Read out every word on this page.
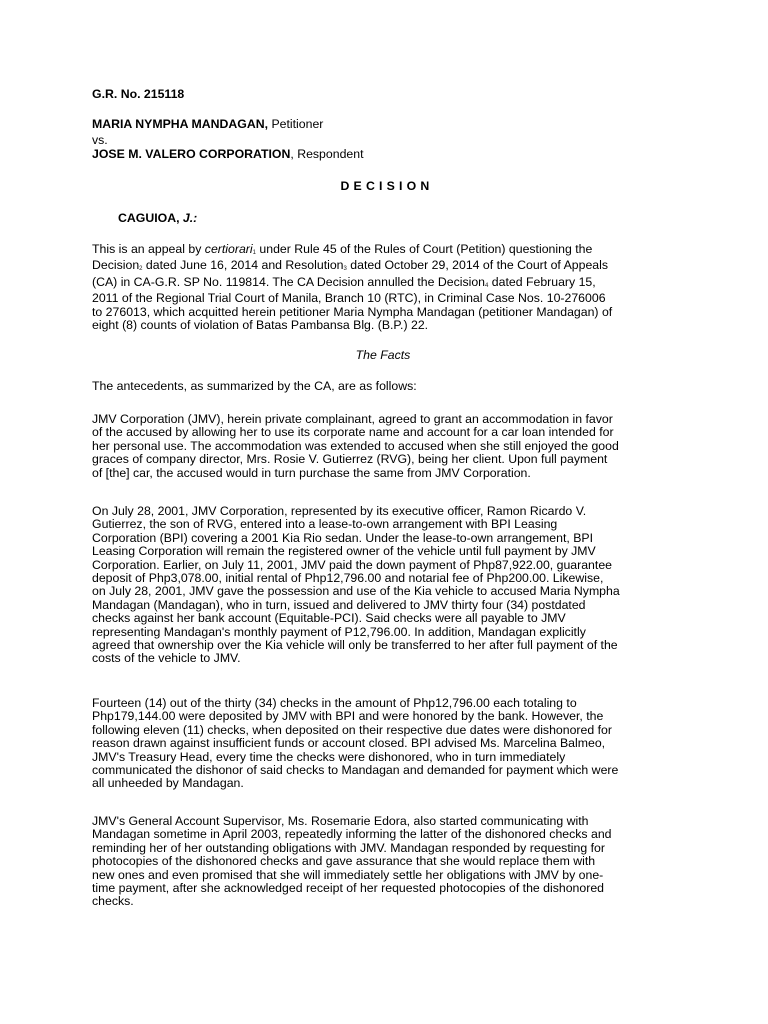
G.R. No. 215118
MARIA NYMPHA MANDAGAN, Petitioner
vs.
JOSE M. VALERO CORPORATION, Respondent
DECISION
CAGUIOA, J.:
This is an appeal by certiorari1 under Rule 45 of the Rules of Court (Petition) questioning the
Decision2 dated June 16, 2014 and Resolution3 dated October 29, 2014 of the Court of Appeals
(CA) in CA-G.R. SP No. 119814. The CA Decision annulled the Decision4 dated February 15,
2011 of the Regional Trial Court of Manila, Branch 10 (RTC), in Criminal Case Nos. 10-276006
to 276013, which acquitted herein petitioner Maria Nympha Mandagan (petitioner Mandagan) of
eight (8) counts of violation of Batas Pambansa Blg. (B.P.) 22.
The Facts
The antecedents, as summarized by the CA, are as follows:
JMV Corporation (JMV), herein private complainant, agreed to grant an accommodation in favor
of the accused by allowing her to use its corporate name and account for a car loan intended for
her personal use. The accommodation was extended to accused when she still enjoyed the good
graces of company director, Mrs. Rosie V. Gutierrez (RVG), being her client. Upon full payment
of [the] car, the accused would in turn purchase the same from JMV Corporation.
On July 28, 2001, JMV Corporation, represented by its executive officer, Ramon Ricardo V.
Gutierrez, the son of RVG, entered into a lease-to-own arrangement with BPI Leasing
Corporation (BPI) covering a 2001 Kia Rio sedan. Under the lease-to-own arrangement, BPI
Leasing Corporation will remain the registered owner of the vehicle until full payment by JMV
Corporation. Earlier, on July 11, 2001, JMV paid the down payment of Php87,922.00, guarantee
deposit of Php3,078.00, initial rental of Php12,796.00 and notarial fee of Php200.00. Likewise,
on July 28, 2001, JMV gave the possession and use of the Kia vehicle to accused Maria Nympha
Mandagan (Mandagan), who in turn, issued and delivered to JMV thirty four (34) postdated
checks against her bank account (Equitable-PCI). Said checks were all payable to JMV
representing Mandagan's monthly payment of P12,796.00. In addition, Mandagan explicitly
agreed that ownership over the Kia vehicle will only be transferred to her after full payment of the
costs of the vehicle to JMV.
Fourteen (14) out of the thirty (34) checks in the amount of Php12,796.00 each totaling to
Php179,144.00 were deposited by JMV with BPI and were honored by the bank. However, the
following eleven (11) checks, when deposited on their respective due dates were dishonored for
reason drawn against insufficient funds or account closed. BPI advised Ms. Marcelina Balmeo,
JMV's Treasury Head, every time the checks were dishonored, who in turn immediately
communicated the dishonor of said checks to Mandagan and demanded for payment which were
all unheeded by Mandagan.
JMV's General Account Supervisor, Ms. Rosemarie Edora, also started communicating with
Mandagan sometime in April 2003, repeatedly informing the latter of the dishonored checks and
reminding her of her outstanding obligations with JMV. Mandagan responded by requesting for
photocopies of the dishonored checks and gave assurance that she would replace them with
new ones and even promised that she will immediately settle her obligations with JMV by one-
time payment, after she acknowledged receipt of her requested photocopies of the dishonored
checks.
